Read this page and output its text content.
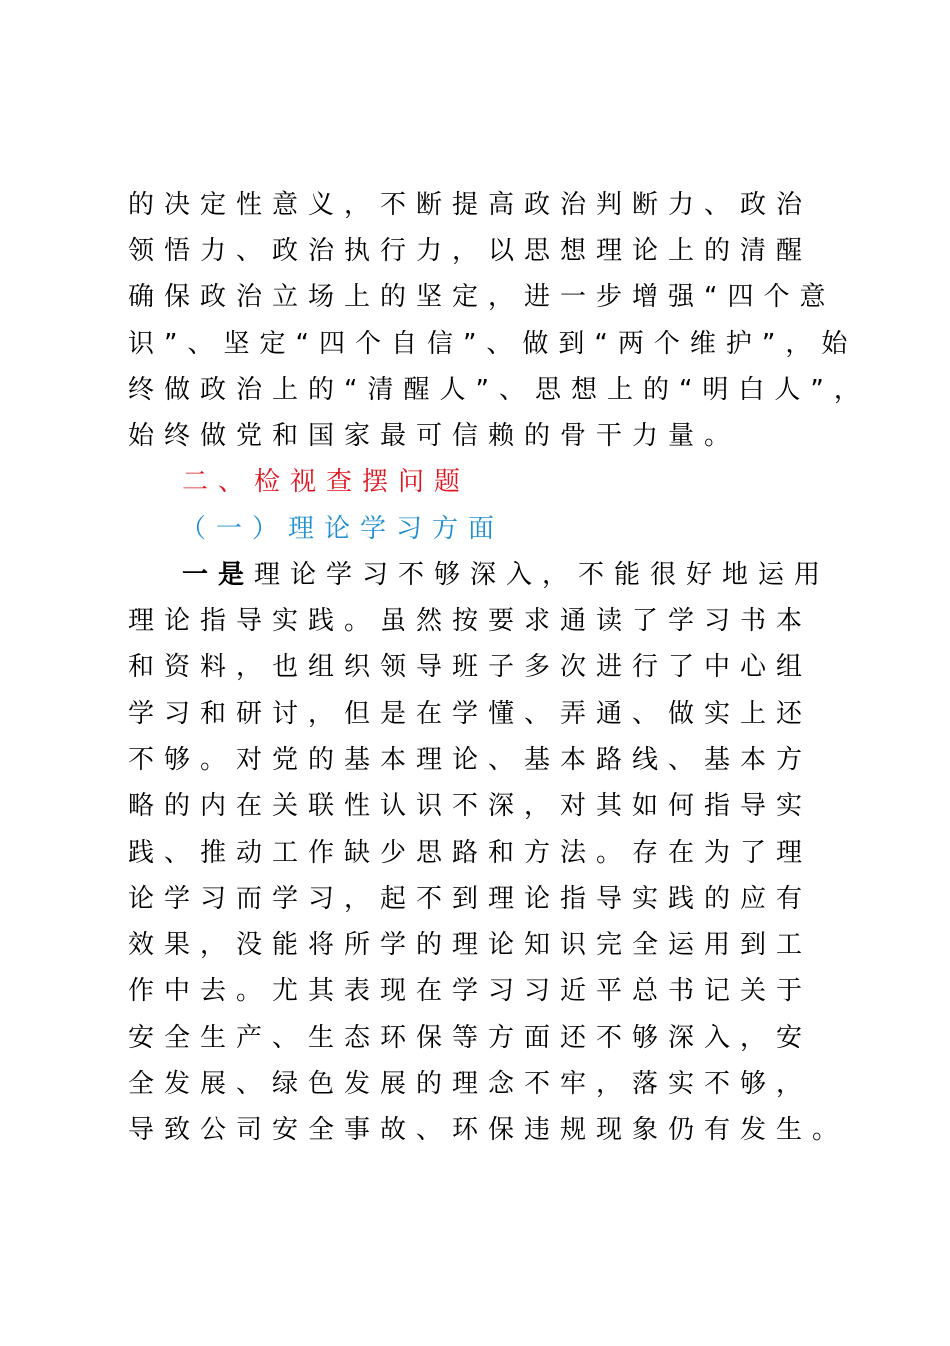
的决定性意义，不断提高政治判断力、政治
领悟力、政治执行力，以思想理论上的清醒
确保政治立场上的坚定，进一步增强“四个意
识”、坚定“四个自信”、做到“两个维护”，始
终做政治上的“清醒人”、思想上的“明白人”，
始终做党和国家最可信赖的骨干力量。
二、检视查摆问题
（一）理论学习方面
一是理论学习不够深入，不能很好地运用
理论指导实践。虽然按要求通读了学习书本
和资料，也组织领导班子多次进行了中心组
学习和研讨，但是在学懂、弄通、做实上还
不够。对党的基本理论、基本路线、基本方
略的内在关联性认识不深，对其如何指导实
践、推动工作缺少思路和方法。存在为了理
论学习而学习，起不到理论指导实践的应有
效果，没能将所学的理论知识完全运用到工
作中去。尤其表现在学习习近平总书记关于
安全生产、生态环保等方面还不够深入，安
全发展、绿色发展的理念不牢，落实不够，
导致公司安全事故、环保违规现象仍有发生。
